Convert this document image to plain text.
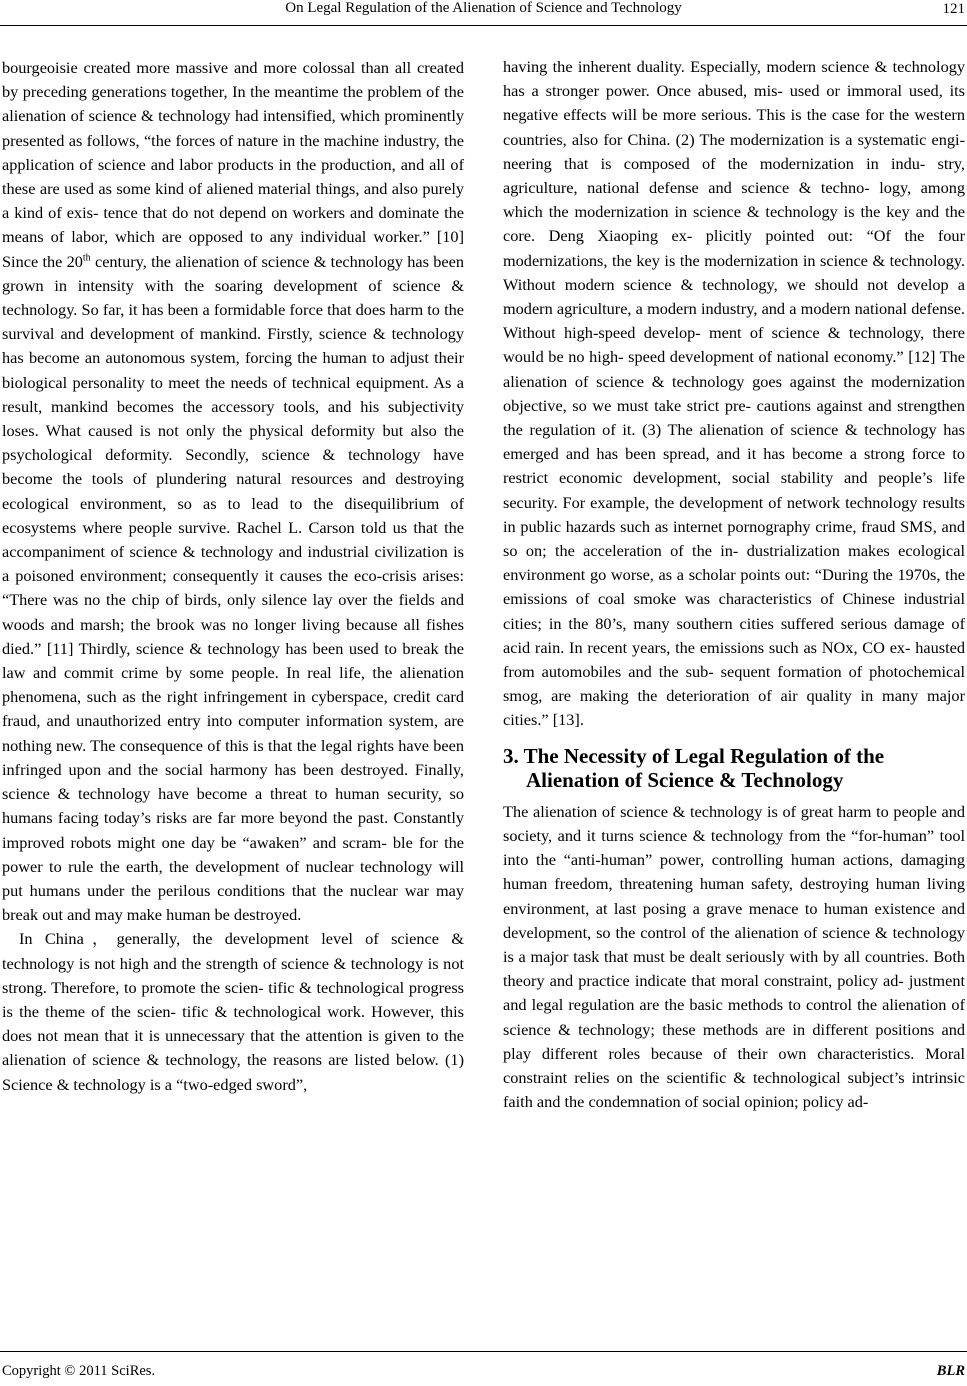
On Legal Regulation of the Alienation of Science and Technology	121

bourgeoisie created more massive and more colossal than all created by preceding generations together, In the meantime the problem of the alienation of science & technology had intensified, which prominently presented as follows, “the forces of nature in the machine industry, the application of science and labor products in the production, and all of these are used as some kind of aliened material things, and also purely a kind of exis- tence that do not depend on workers and dominate the means of labor, which are opposed to any individual worker.” [10] Since the 20th century, the alienation of science & technology has been grown in intensity with the soaring development of science & technology. So far, it has been a formidable force that does harm to the survival and development of mankind. Firstly, science & technology has become an autonomous system, forcing the human to adjust their biological personality to meet the needs of technical equipment. As a result, mankind becomes the accessory tools, and his subjectivity loses. What caused is not only the physical deformity but also the psychological deformity. Secondly, science & technology have become the tools of plundering natural resources and destroying ecological environment, so as to lead to the disequilibrium of ecosystems where people survive. Rachel L. Carson told us that the accompaniment of science & technology and industrial civilization is a poisoned environment; consequently it causes the eco-crisis arises: “There was no the chip of birds, only silence lay over the fields and woods and marsh; the brook was no longer living because all fishes died.” [11] Thirdly, science & technology has been used to break the law and commit crime by some people. In real life, the alienation phenomena, such as the right infringement in cyberspace, credit card fraud, and unauthorized entry into computer information system, are nothing new. The consequence of this is that the legal rights have been infringed upon and the social harmony has been destroyed. Finally, science & technology have become a threat to human security, so humans facing today’s risks are far more beyond the past. Constantly improved robots might one day be “awaken” and scram- ble for the power to rule the earth, the development of nuclear technology will put humans under the perilous conditions that the nuclear war may break out and may make human be destroyed.

In China，generally, the development level of science & technology is not high and the strength of science & technology is not strong. Therefore, to promote the scien- tific & technological progress is the theme of the scien- tific & technological work. However, this does not mean that it is unnecessary that the attention is given to the alienation of science & technology, the reasons are listed below. (1) Science & technology is a “two-edged sword”,

having the inherent duality. Especially, modern science & technology has a stronger power. Once abused, mis- used or immoral used, its negative effects will be more serious. This is the case for the western countries, also for China. (2) The modernization is a systematic engi- neering that is composed of the modernization in indu- stry, agriculture, national defense and science & techno- logy, among which the modernization in science & technology is the key and the core. Deng Xiaoping ex- plicitly pointed out: “Of the four modernizations, the key is the modernization in science & technology. Without modern science & technology, we should not develop a modern agriculture, a modern industry, and a modern national defense. Without high-speed develop- ment of science & technology, there would be no high- speed development of national economy.” [12] The alienation of science & technology goes against the modernization objective, so we must take strict pre- cautions against and strengthen the regulation of it. (3) The alienation of science & technology has emerged and has been spread, and it has become a strong force to restrict economic development, social stability and people’s life security. For example, the development of network technology results in public hazards such as internet pornography crime, fraud SMS, and so on; the acceleration of the in- dustrialization makes ecological environment go worse, as a scholar points out: “During the 1970s, the emissions of coal smoke was characteristics of Chinese industrial cities; in the 80’s, many southern cities suffered serious damage of acid rain. In recent years, the emissions such as NOx, CO ex- hausted from automobiles and the sub- sequent formation of photochemical smog, are making the deterioration of air quality in many major cities.” [13].

3. The Necessity of Legal Regulation of the Alienation of Science & Technology

The alienation of science & technology is of great harm to people and society, and it turns science & technology from the “for-human” tool into the “anti-human” power, controlling human actions, damaging human freedom, threatening human safety, destroying human living environment, at last posing a grave menace to human existence and development, so the control of the alienation of science & technology is a major task that must be dealt seriously with by all countries. Both theory and practice indicate that moral constraint, policy ad- justment and legal regulation are the basic methods to control the alienation of science & technology; these methods are in different positions and play different roles because of their own characteristics. Moral constraint relies on the scientific & technological subject’s intrinsic faith and the condemnation of social opinion; policy ad-

Copyright © 2011 SciRes.	BLR
